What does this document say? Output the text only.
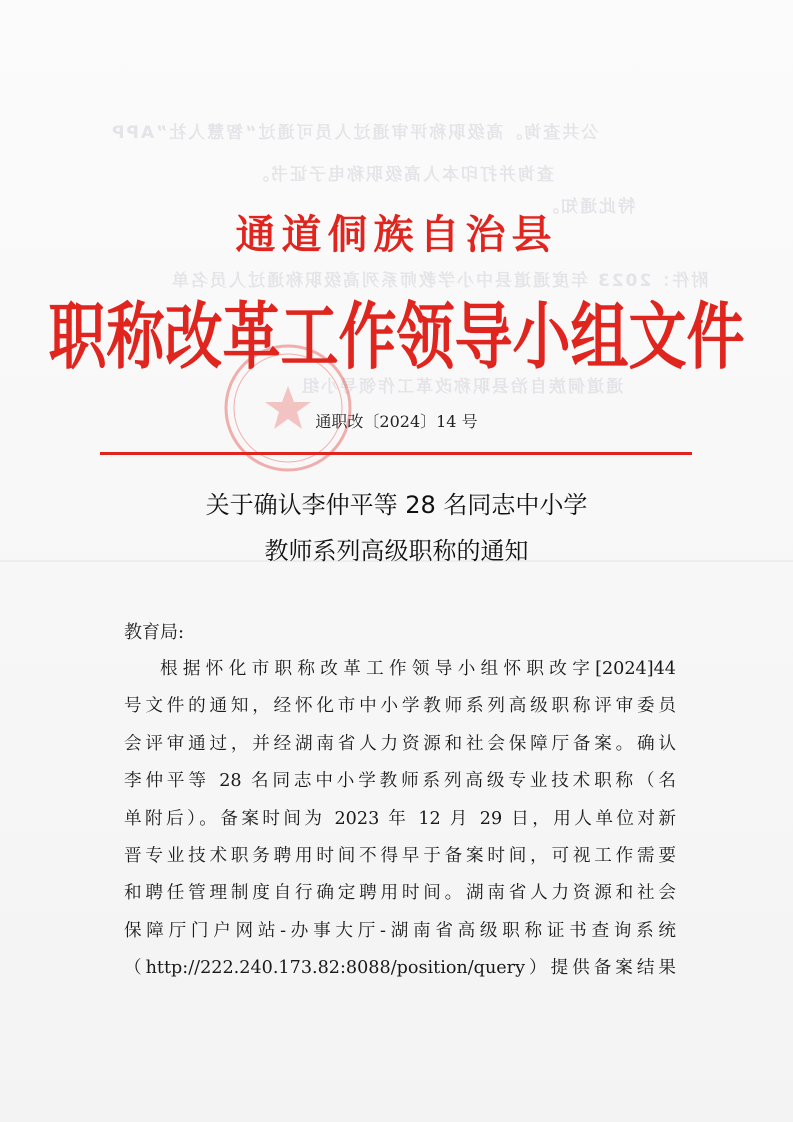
公共查询。高级职称评审通过人员可通过“智慧人社”APP
查询并打印本人高级职称电子证书。
特此通知。
附件：2023 年度通道县中小学教师系列高级职称通过人员名单
通道侗族自治县职称改革工作领导小组
通道侗族自治县
职称改革工作领导小组文件
通职改〔2024〕14 号
关于确认李仲平等 28 名同志中小学
教师系列高级职称的通知
教育局:
根据怀化市职称改革工作领导小组怀职改字[2024]44
号文件的通知，经怀化市中小学教师系列高级职称评审委员
会评审通过，并经湖南省人力资源和社会保障厅备案。确认
李仲平等 28 名同志中小学教师系列高级专业技术职称（名
单附后）。备案时间为 2023 年 12 月 29 日，用人单位对新
晋专业技术职务聘用时间不得早于备案时间，可视工作需要
和聘任管理制度自行确定聘用时间。湖南省人力资源和社会
保障厅门户网站-办事大厅-湖南省高级职称证书查询系统
（http://222.240.173.82:8088/position/query）提供备案结果
